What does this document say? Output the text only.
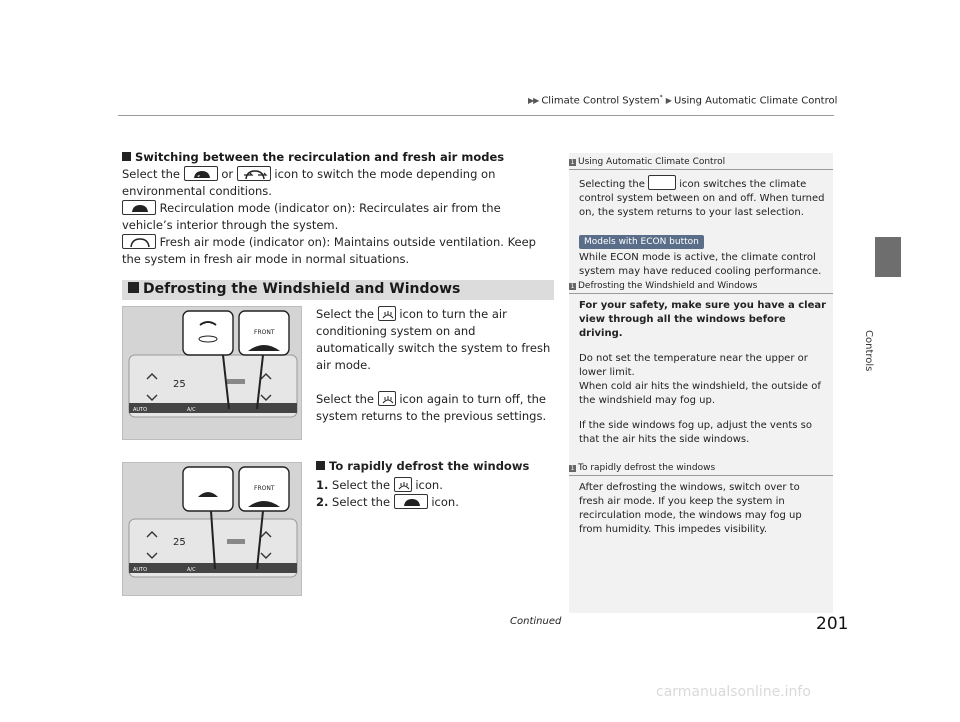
▶▶ Climate Control System* ▶ Using Automatic Climate Control
Controls
Switching between the recirculation and fresh air modes
Select the	or	icon to switch the mode depending on environmental conditions.
Recirculation mode (indicator on): Recirculates air from the vehicle’s interior through the system.
Fresh air mode (indicator on): Maintains outside ventilation. Keep the system in fresh air mode in normal situations.
Defrosting the Windshield and Windows
AUTO	A/C
25
FRONT

Select the icon to turn the air conditioning system on and automatically switch the system to fresh air mode.

Select the icon again to turn off, the system returns to the previous settings.

AUTO	A/C
25
FRONT
To rapidly defrost the windows
1. Select the icon.
2. Select the	icon.
1 Using Automatic Climate Control

Selecting the	icon switches the climate control system between on and off. When turned on, the system returns to your last selection.

Models with ECON button

While ECON mode is active, the climate control system may have reduced cooling performance.

1 Defrosting the Windshield and Windows

For your safety, make sure you have a clear view through all the windows before driving.

Do not set the temperature near the upper or lower limit.
When cold air hits the windshield, the outside of the windshield may fog up.

If the side windows fog up, adjust the vents so that the air hits the side windows.

1 To rapidly defrost the windows

After defrosting the windows, switch over to fresh air mode. If you keep the system in recirculation mode, the windows may fog up from humidity. This impedes visibility.

Continued	201
carmanualsonline.info
